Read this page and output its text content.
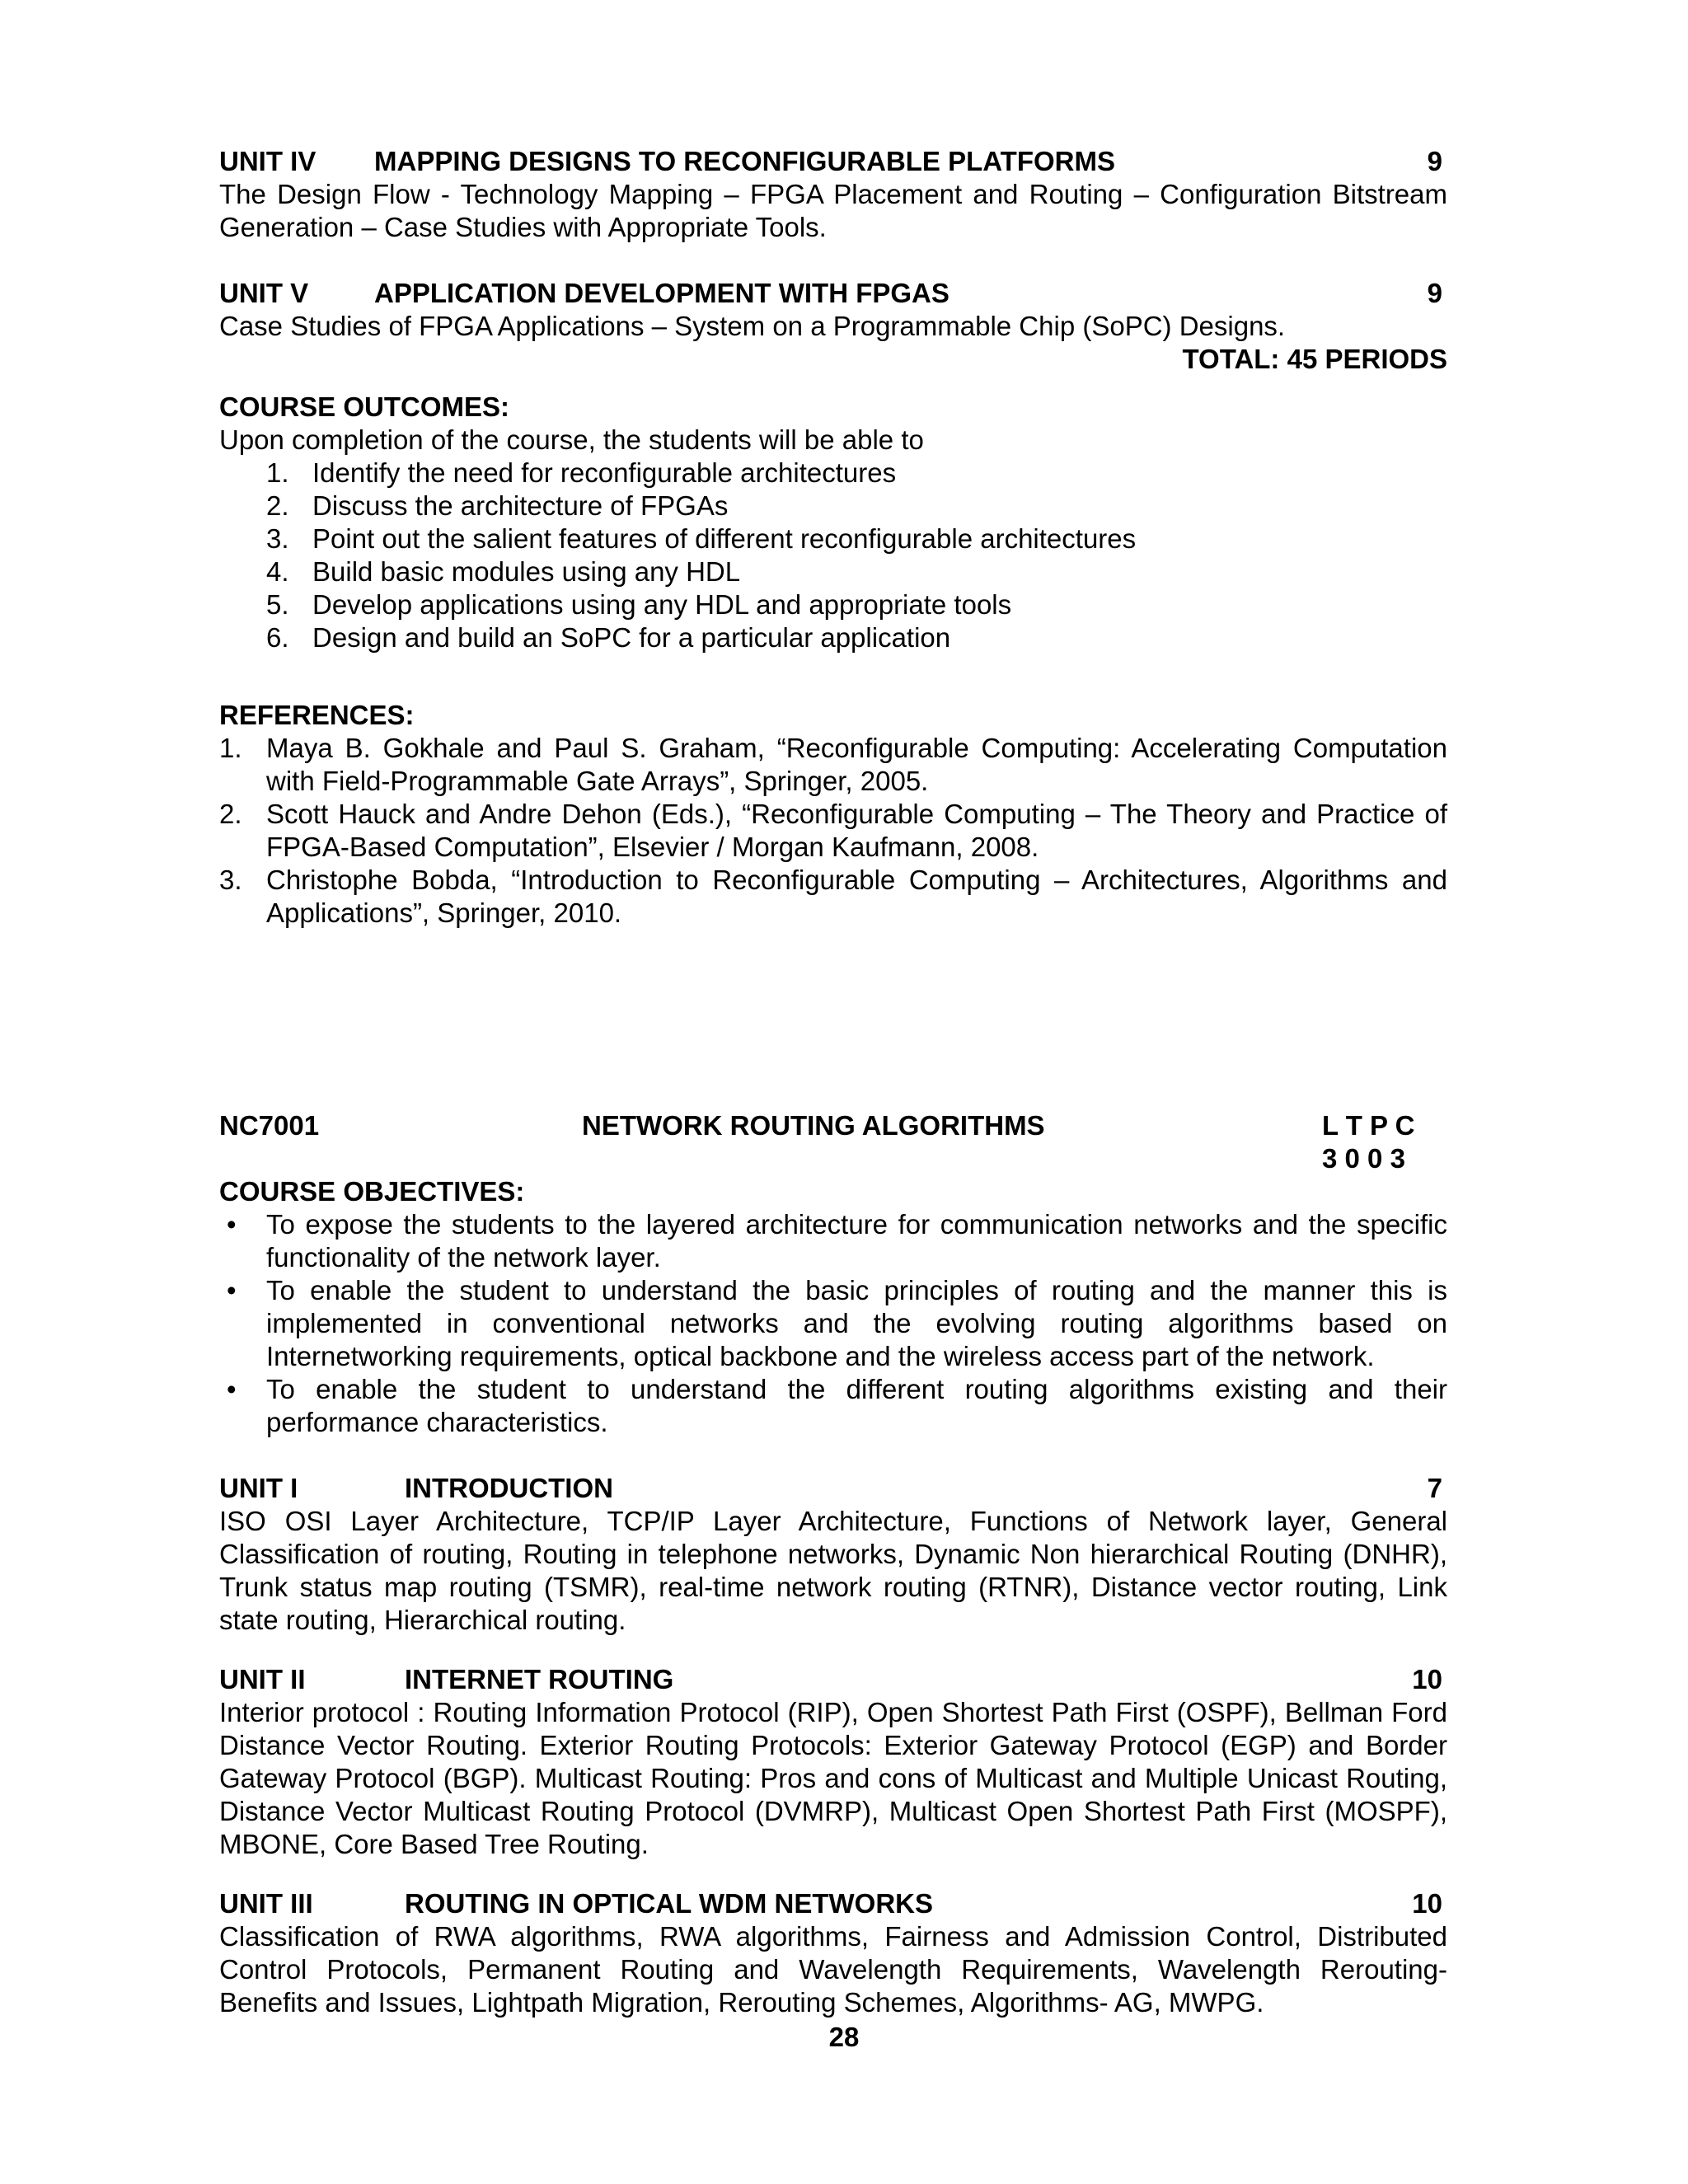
UNIT IV	MAPPING DESIGNS TO RECONFIGURABLE PLATFORMS	9
The Design Flow - Technology Mapping – FPGA Placement and Routing – Configuration Bitstream Generation – Case Studies with Appropriate Tools.
UNIT V	APPLICATION DEVELOPMENT WITH FPGAS	9
Case Studies of FPGA Applications – System on a Programmable Chip (SoPC) Designs.
TOTAL: 45 PERIODS
COURSE OUTCOMES:
Upon completion of the course, the students will be able to
1. Identify the need for reconfigurable architectures
2. Discuss the architecture of FPGAs
3. Point out the salient features of different reconfigurable architectures
4. Build basic modules using any HDL
5. Develop applications using any HDL and appropriate tools
6. Design and build an SoPC for a particular application
REFERENCES:
1. Maya B. Gokhale and Paul S. Graham, “Reconfigurable Computing: Accelerating Computation with Field-Programmable Gate Arrays”, Springer, 2005.
2. Scott Hauck and Andre Dehon (Eds.), “Reconfigurable Computing – The Theory and Practice of FPGA-Based Computation”, Elsevier / Morgan Kaufmann, 2008.
3. Christophe Bobda, “Introduction to Reconfigurable Computing – Architectures, Algorithms and Applications”, Springer, 2010.
NC7001	NETWORK ROUTING ALGORITHMS	L T P C
3 0 0 3
COURSE OBJECTIVES:
•	To expose the students to the layered architecture for communication networks and the specific functionality of the network layer.
•	To enable the student to understand the basic principles of routing and the manner this is implemented in conventional networks and the evolving routing algorithms based on Internetworking requirements, optical backbone and the wireless access part of the network.
•	To enable the student to understand the different routing algorithms existing and their performance characteristics.
UNIT I	INTRODUCTION	7
ISO OSI Layer Architecture, TCP/IP Layer Architecture, Functions of Network layer, General Classification of routing, Routing in telephone networks, Dynamic Non hierarchical Routing (DNHR), Trunk status map routing (TSMR), real-time network routing (RTNR), Distance vector routing, Link state routing, Hierarchical routing.
UNIT II	INTERNET ROUTING	10
Interior protocol : Routing Information Protocol (RIP), Open Shortest Path First (OSPF), Bellman Ford Distance Vector Routing. Exterior Routing Protocols: Exterior Gateway Protocol (EGP) and Border Gateway Protocol (BGP). Multicast Routing: Pros and cons of Multicast and Multiple Unicast Routing, Distance Vector Multicast Routing Protocol (DVMRP), Multicast Open Shortest Path First (MOSPF), MBONE, Core Based Tree Routing.
UNIT III	ROUTING IN OPTICAL WDM NETWORKS	10
Classification of RWA algorithms, RWA algorithms, Fairness and Admission Control, Distributed Control Protocols, Permanent Routing and Wavelength Requirements, Wavelength Rerouting-Benefits and Issues, Lightpath Migration, Rerouting Schemes, Algorithms- AG, MWPG.
28
